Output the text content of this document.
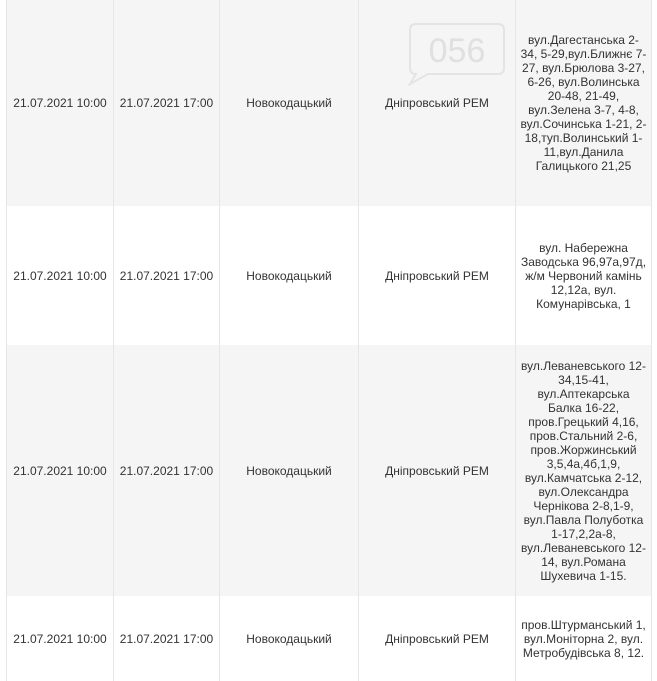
21.07.2021 10:00	21.07.2021 17:00	Новокодацький	Дніпровський РЕМ	вул.Дагестанська 2-34, 5-29,вул.Ближнє 7-27, вул.Брюлова 3-27, 6-26, вул.Волинська 20-48, 21-49, вул.Зелена 3-7, 4-8, вул.Сочинська 1-21, 2-18,туп.Волинський 1-11,вул.Данила Галицького 21,25
21.07.2021 10:00	21.07.2021 17:00	Новокодацький	Дніпровський РЕМ	вул. Набережна Заводська 96,97а,97д, ж/м Червоний камінь 12,12а, вул. Комунарівська, 1
21.07.2021 10:00	21.07.2021 17:00	Новокодацький	Дніпровський РЕМ	вул.Леваневського 12-34,15-41, вул.Аптекарська Балка 16-22, пров.Грецький 4,16, пров.Стальний 2-6, пров.Жоржинський 3,5,4а,4б,1,9, вул.Камчатська 2-12, вул.Олександра Чернікова 2-8,1-9, вул.Павла Полуботка 1-17,2,2а-8, вул.Леваневського 12-14, вул.Романа Шухевича 1-15.
21.07.2021 10:00	21.07.2021 17:00	Новокодацький	Дніпровський РЕМ	пров.Штурманський 1, вул.Моніторна 2, вул. Метробудівська 8, 12.
056
